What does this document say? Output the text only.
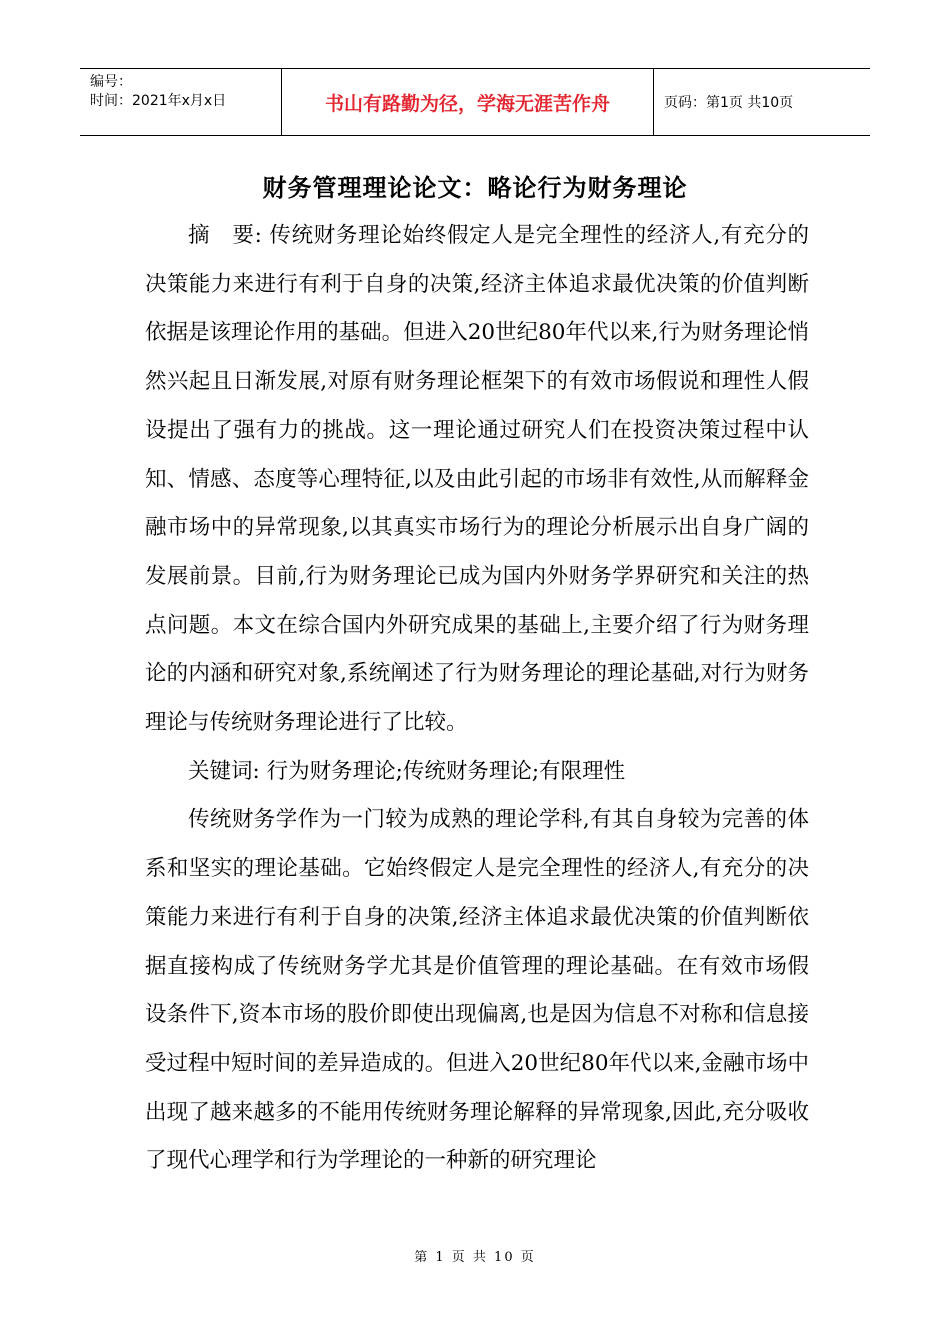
编号：
时间：2021年x月x日	书山有路勤为径，学海无涯苦作舟	页码：第1页 共10页
财务管理理论论文：略论行为财务理论

摘　要: 传统财务理论始终假定人是完全理性的经济人,有充分的决策能力来进行有利于自身的决策,经济主体追求最优决策的价值判断依据是该理论作用的基础。但进入20世纪80年代以来,行为财务理论悄然兴起且日渐发展,对原有财务理论框架下的有效市场假说和理性人假设提出了强有力的挑战。这一理论通过研究人们在投资决策过程中认知、情感、态度等心理特征,以及由此引起的市场非有效性,从而解释金融市场中的异常现象,以其真实市场行为的理论分析展示出自身广阔的发展前景。目前,行为财务理论已成为国内外财务学界研究和关注的热点问题。本文在综合国内外研究成果的基础上,主要介绍了行为财务理论的内涵和研究对象,系统阐述了行为财务理论的理论基础,对行为财务理论与传统财务理论进行了比较。

关键词: 行为财务理论;传统财务理论;有限理性

传统财务学作为一门较为成熟的理论学科,有其自身较为完善的体系和坚实的理论基础。它始终假定人是完全理性的经济人,有充分的决策能力来进行有利于自身的决策,经济主体追求最优决策的价值判断依据直接构成了传统财务学尤其是价值管理的理论基础。在有效市场假设条件下,资本市场的股价即使出现偏离,也是因为信息不对称和信息接受过程中短时间的差异造成的。但进入20世纪80年代以来,金融市场中出现了越来越多的不能用传统财务理论解释的异常现象,因此,充分吸收了现代心理学和行为学理论的一种新的研究理论

第 1 页 共 10 页
